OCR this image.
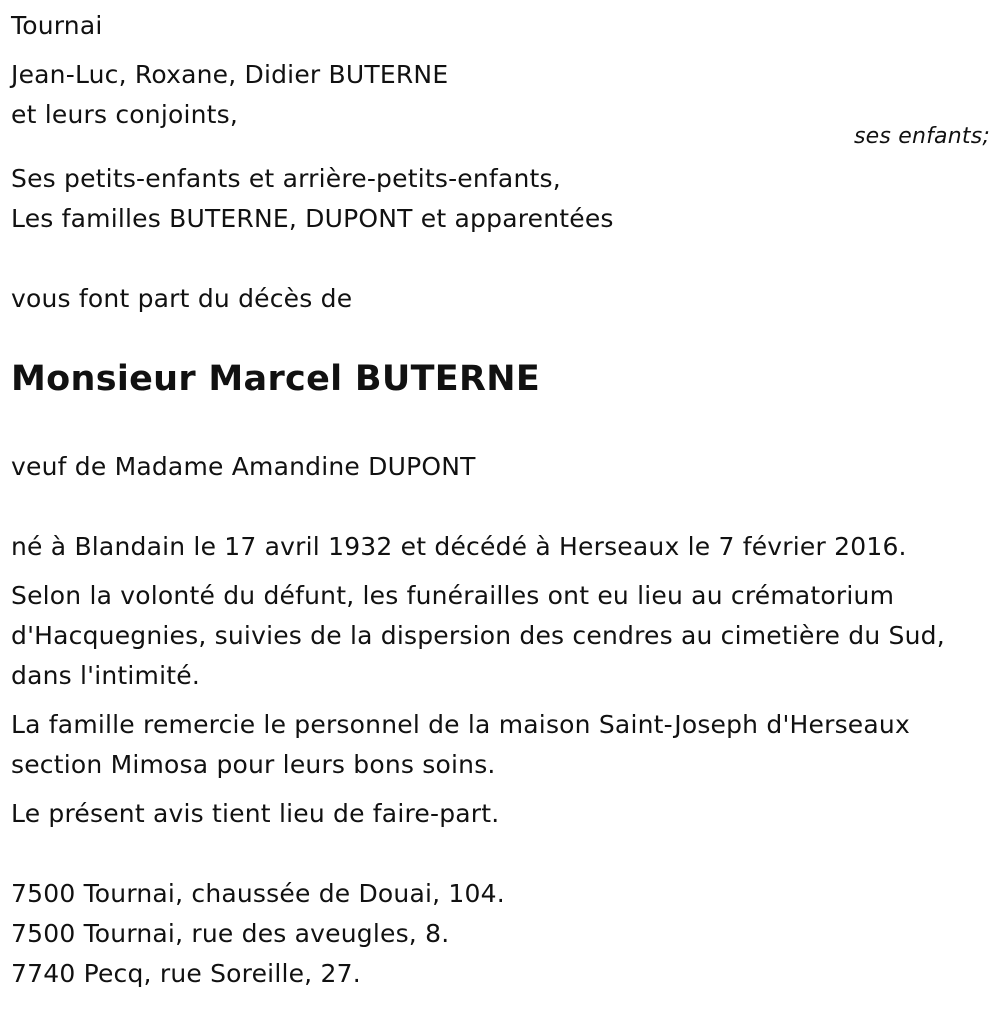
Tournai
Jean-Luc, Roxane, Didier BUTERNE
et leurs conjoints,
ses enfants;
Ses petits-enfants et arrière-petits-enfants,
Les familles BUTERNE, DUPONT et apparentées
vous font part du décès de
Monsieur Marcel BUTERNE
veuf de Madame Amandine DUPONT
né à Blandain le 17 avril 1932 et décédé à Herseaux le 7 février 2016.
Selon la volonté du défunt, les funérailles ont eu lieu au crématorium
d'Hacquegnies, suivies de la dispersion des cendres au cimetière du Sud,
dans l'intimité.
La famille remercie le personnel de la maison Saint-Joseph d'Herseaux
section Mimosa pour leurs bons soins.
Le présent avis tient lieu de faire-part.
7500 Tournai, chaussée de Douai, 104.
7500 Tournai, rue des aveugles, 8.
7740 Pecq, rue Soreille, 27.
